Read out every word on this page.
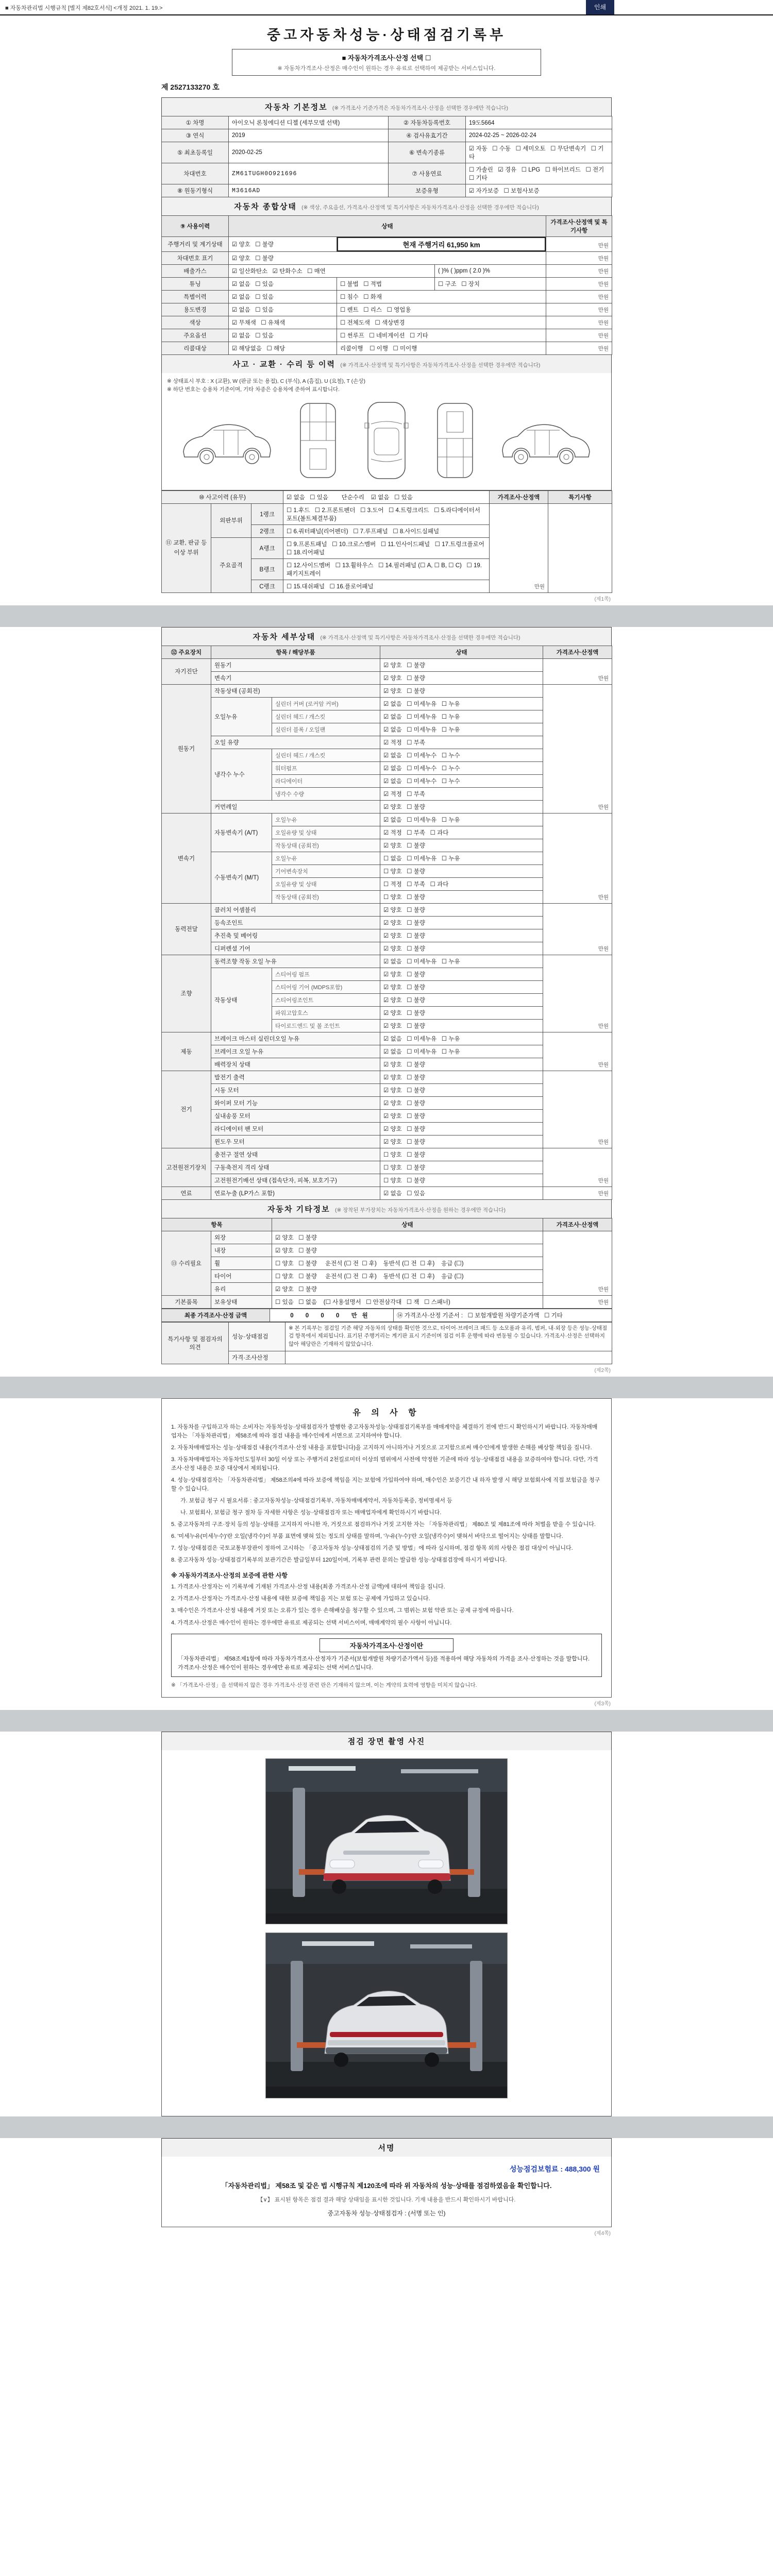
■ 자동차관리법 시행규칙 [별지 제82호서식] <개정 2021. 1. 19.>	인쇄
중고자동차성능·상태점검기록부
■ 자동차가격조사·산정 선택 ☐
※ 자동차가격조사·산정은 매수인이 원하는 경우 유료로 선택하여 제공받는 서비스입니다.
제 2527133270 호
자동차 기본정보 (※ 가격조사 기준가격은 자동차가격조사·산정을 선택한 경우에만 적습니다)
① 차명	아이오닉 론칭에디션 디젤 (세부모델 선택)	② 자동차등록번호	19도5664
③ 연식	2019	④ 검사유효기간	2024-02-25 ~ 2026-02-24
⑤ 최초등록일	2020-02-25	⑥ 변속기종류	☑ 자동   ☐ 수동   ☐ 세미오토   ☐ 무단변속기   ☐ 기타
차대번호	ZM61TUGH0O921696	⑦ 사용연료	☐ 가솔린   ☑ 경유   ☐ LPG   ☐ 하이브리드   ☐ 전기   ☐ 기타
⑧ 원동기형식	M3616AD	보증유형	☑ 자가보증   ☐ 보험사보증
자동차 종합상태 (※ 색상, 주요옵션, 가격조사·산정액 및 특기사항은 자동차가격조사·산정을 선택한 경우에만 적습니다)
⑨ 사용이력	상태			가격조사·산정액 및 특기사항
주행거리 및 계기상태	☑ 양호   ☐ 불량	현재 주행거리 61,950 km		만원
차대번호 표기	☑ 양호   ☐ 불량			만원
배출가스	☑ 일산화탄소   ☑ 탄화수소   ☐ 매연		( )% ( )ppm ( 2.0 )%	만원
튜닝	☑ 없음   ☐ 있음	☐ 불법   ☐ 적법	☐ 구조   ☐ 장치	만원
특별이력	☑ 없음   ☐ 있음	☐ 침수   ☐ 화재		만원
용도변경	☑ 없음   ☐ 있음	☐ 렌트   ☐ 리스   ☐ 영업용		만원
색상	☑ 무채색   ☐ 유채색	☐ 전체도색   ☐ 색상변경		만원
주요옵션	☑ 없음   ☐ 있음	☐ 썬루프   ☐ 네비게이션   ☐ 기타		만원
리콜대상	☑ 해당없음   ☐ 해당	리콜이행    ☐ 이행   ☐ 미이행		만원
사고 · 교환 · 수리 등 이력 (※ 가격조사·산정액 및 특기사항은 자동차가격조사·산정을 선택한 경우에만 적습니다)
※ 상태표시 부호 : X (교환), W (판금 또는 용접), C (부식), A (흠집), U (요철), T (손상)
※ 하단 번호는 승용차 기준이며, 기타 차종은 승용차에 준하여 표시합니다.
⑩ 사고이력 (유무)			☑ 없음   ☐ 있음        단순수리    ☑ 없음   ☐ 있음	가격조사·산정액	특기사항
⑪ 교환, 판금 등 이상 부위	외판부위	1랭크	☐ 1.후드   ☐ 2.프론트펜더   ☐ 3.도어   ☐ 4.트렁크리드   ☐ 5.라디에이터서포트(볼트체결부품)	만원	
		2랭크	☐ 6.쿼터패널(리어펜더)   ☐ 7.루프패널   ☐ 8.사이드실패널		
	주요골격	A랭크	☐ 9.프론트패널   ☐ 10.크로스멤버   ☐ 11.인사이드패널   ☐ 17.트렁크플로어   ☐ 18.리어패널		
		B랭크	☐ 12.사이드멤버   ☐ 13.휠하우스   ☐ 14.필러패널 (☐ A, ☐ B, ☐ C)   ☐ 19.패키지트레이		
		C랭크	☐ 15.대쉬패널   ☐ 16.플로어패널		
(제1쪽)
자동차 세부상태 (※ 가격조사·산정액 및 특기사항은 자동차가격조사·산정을 선택한 경우에만 적습니다)
⑫ 주요장치	항목 / 해당부품		상태	가격조사·산정액
자기진단	원동기		☑ 양호   ☐ 불량	만원
	변속기		☑ 양호   ☐ 불량	
원동기	작동상태 (공회전)		☑ 양호   ☐ 불량	만원
	오일누유	실린더 커버 (로커암 커버)	☑ 없음   ☐ 미세누유   ☐ 누유	
		실린더 헤드 / 개스킷	☑ 없음   ☐ 미세누유   ☐ 누유	
		실린더 블록 / 오일팬	☑ 없음   ☐ 미세누유   ☐ 누유	
	오일 유량		☑ 적정   ☐ 부족	
	냉각수 누수	실린더 헤드 / 개스킷	☑ 없음   ☐ 미세누수   ☐ 누수	
		워터펌프	☑ 없음   ☐ 미세누수   ☐ 누수	
		라디에이터	☑ 없음   ☐ 미세누수   ☐ 누수	
		냉각수 수량	☑ 적정   ☐ 부족	
	커먼레일		☑ 양호   ☐ 불량	
변속기	자동변속기 (A/T)	오일누유	☑ 없음   ☐ 미세누유   ☐ 누유	만원
		오일유량 및 상태	☑ 적정   ☐ 부족   ☐ 과다	
		작동상태 (공회전)	☑ 양호   ☐ 불량	
	수동변속기 (M/T)	오일누유	☐ 없음   ☐ 미세누유   ☐ 누유	
		기어변속장치	☐ 양호   ☐ 불량	
		오일유량 및 상태	☐ 적정   ☐ 부족   ☐ 과다	
		작동상태 (공회전)	☐ 양호   ☐ 불량	
동력전달	클러치 어셈블리		☑ 양호   ☐ 불량	만원
	등속조인트		☑ 양호   ☐ 불량	
	추진축 및 베어링		☑ 양호   ☐ 불량	
	디퍼렌셜 기어		☑ 양호   ☐ 불량	
조향	동력조향 작동 오일 누유		☑ 없음   ☐ 미세누유   ☐ 누유	만원
	작동상태	스티어링 펌프	☑ 양호   ☐ 불량	
		스티어링 기어 (MDPS포함)	☑ 양호   ☐ 불량	
		스티어링조인트	☑ 양호   ☐ 불량	
		파워고압호스	☑ 양호   ☐ 불량	
		타이로드엔드 및 볼 조인트	☑ 양호   ☐ 불량	
제동	브레이크 마스터 실린더오일 누유		☑ 없음   ☐ 미세누유   ☐ 누유	만원
	브레이크 오일 누유		☑ 없음   ☐ 미세누유   ☐ 누유	
	배력장치 상태		☑ 양호   ☐ 불량	
전기	발전기 출력		☑ 양호   ☐ 불량	만원
	시동 모터		☑ 양호   ☐ 불량	
	와이퍼 모터 기능		☑ 양호   ☐ 불량	
	실내송풍 모터		☑ 양호   ☐ 불량	
	라디에이터 팬 모터		☑ 양호   ☐ 불량	
	윈도우 모터		☑ 양호   ☐ 불량	
고전원전기장치	충전구 절연 상태		☐ 양호   ☐ 불량	만원
	구동축전지 격리 상태		☐ 양호   ☐ 불량	
	고전원전기배선 상태 (접속단자, 피복, 보호기구)		☐ 양호   ☐ 불량	
연료	연료누출 (LP가스 포함)		☑ 없음   ☐ 있음	만원
자동차 기타정보 (※ 장착된 부가장치는 자동차가격조사·산정을 원하는 경우에만 적습니다)
항목		상태	가격조사·산정액
⑬ 수리필요	외장	☑ 양호   ☐ 불량	만원
	내장	☑ 양호   ☐ 불량	
	휠	☐ 양호   ☐ 불량     운전석 (☐ 전  ☐ 후)    동반석 (☐ 전  ☐ 후)    응급 (☐)	
	타이어	☐ 양호   ☐ 불량     운전석 (☐ 전  ☐ 후)    동반석 (☐ 전  ☐ 후)    응급 (☐)	
	유리	☑ 양호   ☐ 불량	
기본품목	보유상태	☐ 있음   ☐ 없음    (☐ 사용설명서   ☐ 안전삼각대   ☐ 잭   ☐ 스패너)	만원
최종 가격조사·산정 금액	0 0 0 0 만원	⑭ 가격조사·산정 기준서 :   ☐ 보험개발원 차량기준가액   ☐ 기타
특기사항 및 점검자의 의견	성능·상태점검	※ 본 기록부는 점검일 기준 해당 자동차의 상태를 확인한 것으로, 타이어·브레이크 패드 등 소모품과 유리, 범퍼, 내·외장 등은 성능·상태점검 항목에서 제외됩니다. 표기된 주행거리는 계기판 표시 기준이며 점검 이후 운행에 따라 변동될 수 있습니다. 가격조사·산정은 선택하지 않아 해당란은 기재하지 않았습니다.
	가격·조사산정	
(제2쪽)
유 의 사 항
1. 자동차를 구입하고자 하는 소비자는 자동차성능·상태점검자가 발행한 중고자동차성능·상태점검기록부를 매매계약을 체결하기 전에 반드시 확인하시기 바랍니다. 자동차매매업자는 「자동차관리법」 제58조에 따라 점검 내용을 매수인에게 서면으로 고지하여야 합니다.
2. 자동차매매업자는 성능·상태점검 내용(가격조사·산정 내용을 포함합니다)을 고지하지 아니하거나 거짓으로 고지함으로써 매수인에게 발생한 손해를 배상할 책임을 집니다.
3. 자동차매매업자는 자동차인도일부터 30일 이상 또는 주행거리 2천킬로미터 이상의 범위에서 사전에 약정한 기준에 따라 성능·상태점검 내용을 보증하여야 합니다. 다만, 가격조사·산정 내용은 보증 대상에서 제외됩니다.
4. 성능·상태점검자는 「자동차관리법」 제58조의4에 따라 보증에 책임을 지는 보험에 가입하여야 하며, 매수인은 보증기간 내 하자 발생 시 해당 보험회사에 직접 보험금을 청구할 수 있습니다.
가. 보험금 청구 시 필요서류 : 중고자동차성능·상태점검기록부, 자동차매매계약서, 자동차등록증, 정비명세서 등
나. 보험회사, 보험금 청구 절차 등 자세한 사항은 성능·상태점검자 또는 매매업자에게 확인하시기 바랍니다.
5. 중고자동차의 구조·장치 등의 성능·상태를 고지하지 아니한 자, 거짓으로 점검하거나 거짓 고지한 자는 「자동차관리법」 제80조 및 제81조에 따라 처벌을 받을 수 있습니다.
6. '미세누유(미세누수)'란 오일(냉각수)이 부품 표면에 맺혀 있는 정도의 상태를 말하며, '누유(누수)'란 오일(냉각수)이 맺혀서 바닥으로 떨어지는 상태를 말합니다.
7. 성능·상태점검은 국토교통부장관이 정하여 고시하는 「중고자동차 성능·상태점검의 기준 및 방법」에 따라 실시하며, 점검 항목 외의 사항은 점검 대상이 아닙니다.
8. 중고자동차 성능·상태점검기록부의 보관기간은 발급일부터 120일이며, 기록부 관련 문의는 발급한 성능·상태점검장에 하시기 바랍니다.
※ 자동차가격조사·산정의 보증에 관한 사항
1. 가격조사·산정자는 이 기록부에 기재된 가격조사·산정 내용(최종 가격조사·산정 금액)에 대하여 책임을 집니다.
2. 가격조사·산정자는 가격조사·산정 내용에 대한 보증에 책임을 지는 보험 또는 공제에 가입하고 있습니다.
3. 매수인은 가격조사·산정 내용에 거짓 또는 오류가 있는 경우 손해배상을 청구할 수 있으며, 그 범위는 보험 약관 또는 공제 규정에 따릅니다.
4. 가격조사·산정은 매수인이 원하는 경우에만 유료로 제공되는 선택 서비스이며, 매매계약의 필수 사항이 아닙니다.
자동차가격조사·산정이란
「자동차관리법」 제58조제1항에 따라 자동차가격조사·산정자가 기준서(보험개발원 차량기준가액서 등)를 적용하여 해당 자동차의 가격을 조사·산정하는 것을 말합니다. 가격조사·산정은 매수인이 원하는 경우에만 유료로 제공되는 선택 서비스입니다.
※ 「가격조사·산정」을 선택하지 않은 경우 가격조사·산정 관련 란은 기재하지 않으며, 이는 계약의 효력에 영향을 미치지 않습니다.
(제3쪽)
점검 장면 촬영 사진
서명
성능점검보험료 : 488,300 원
「자동차관리법」 제58조 및 같은 법 시행규칙 제120조에 따라 위 자동차의 성능·상태를 점검하였음을 확인합니다.
【∨】 표시된 항목은 점검 결과 해당 상태임을 표시한 것입니다. 기재 내용을 반드시 확인하시기 바랍니다.
중고자동차 성능·상태점검자 : (서명 또는 인)
(제4쪽)
